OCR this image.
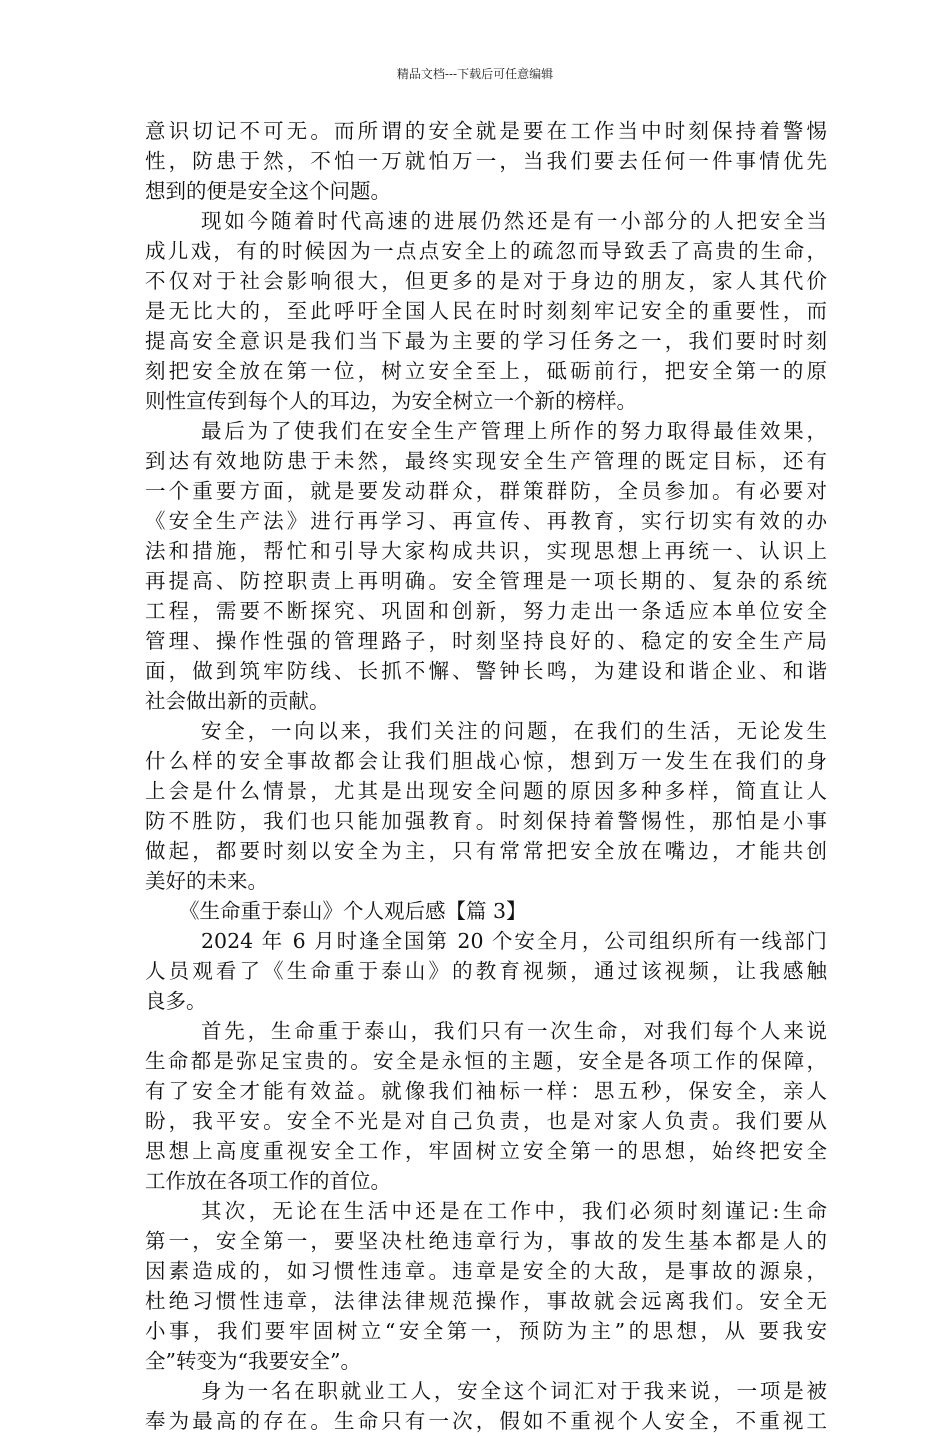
精品文档---下载后可任意编辑
意识切记不可无。而所谓的安全就是要在工作当中时刻保持着警惕
性，防患于然，不怕一万就怕万一，当我们要去任何一件事情优先
想到的便是安全这个问题。
现如今随着时代高速的进展仍然还是有一小部分的人把安全当
成儿戏，有的时候因为一点点安全上的疏忽而导致丢了高贵的生命，
不仅对于社会影响很大，但更多的是对于身边的朋友，家人其代价
是无比大的，至此呼吁全国人民在时时刻刻牢记安全的重要性，而
提高安全意识是我们当下最为主要的学习任务之一，我们要时时刻
刻把安全放在第一位，树立安全至上，砥砺前行，把安全第一的原
则性宣传到每个人的耳边，为安全树立一个新的榜样。
最后为了使我们在安全生产管理上所作的努力取得最佳效果，
到达有效地防患于未然，最终实现安全生产管理的既定目标，还有
一个重要方面，就是要发动群众，群策群防，全员参加。有必要对
《安全生产法》进行再学习、再宣传、再教育，实行切实有效的办
法和措施，帮忙和引导大家构成共识，实现思想上再统一、认识上
再提高、防控职责上再明确。安全管理是一项长期的、复杂的系统
工程，需要不断探究、巩固和创新，努力走出一条适应本单位安全
管理、操作性强的管理路子，时刻坚持良好的、稳定的安全生产局
面，做到筑牢防线、长抓不懈、警钟长鸣，为建设和谐企业、和谐
社会做出新的贡献。
安全，一向以来，我们关注的问题，在我们的生活，无论发生
什么样的安全事故都会让我们胆战心惊，想到万一发生在我们的身
上会是什么情景，尤其是出现安全问题的原因多种多样，简直让人
防不胜防，我们也只能加强教育。时刻保持着警惕性，那怕是小事
做起，都要时刻以安全为主，只有常常把安全放在嘴边，才能共创
美好的未来。
《生命重于泰山》个人观后感【篇 3】
2024 年 6 月时逢全国第 20 个安全月，公司组织所有一线部门
人员观看了《生命重于泰山》的教育视频，通过该视频，让我感触
良多。
首先，生命重于泰山，我们只有一次生命，对我们每个人来说
生命都是弥足宝贵的。安全是永恒的主题，安全是各项工作的保障，
有了安全才能有效益。就像我们袖标一样：思五秒，保安全，亲人
盼，我平安。安全不光是对自己负责，也是对家人负责。我们要从
思想上高度重视安全工作，牢固树立安全第一的思想，始终把安全
工作放在各项工作的首位。
其次，无论在生活中还是在工作中，我们必须时刻谨记:生命
第一，安全第一，要坚决杜绝违章行为，事故的发生基本都是人的
因素造成的，如习惯性违章。违章是安全的大敌，是事故的源泉，
杜绝习惯性违章，法律法律规范操作，事故就会远离我们。安全无
小事，我们要牢固树立“安全第一，预防为主”的思想，从 要我安
全”转变为“我要安全”。
身为一名在职就业工人，安全这个词汇对于我来说，一项是被
奉为最高的存在。生命只有一次，假如不重视个人安全，不重视工
